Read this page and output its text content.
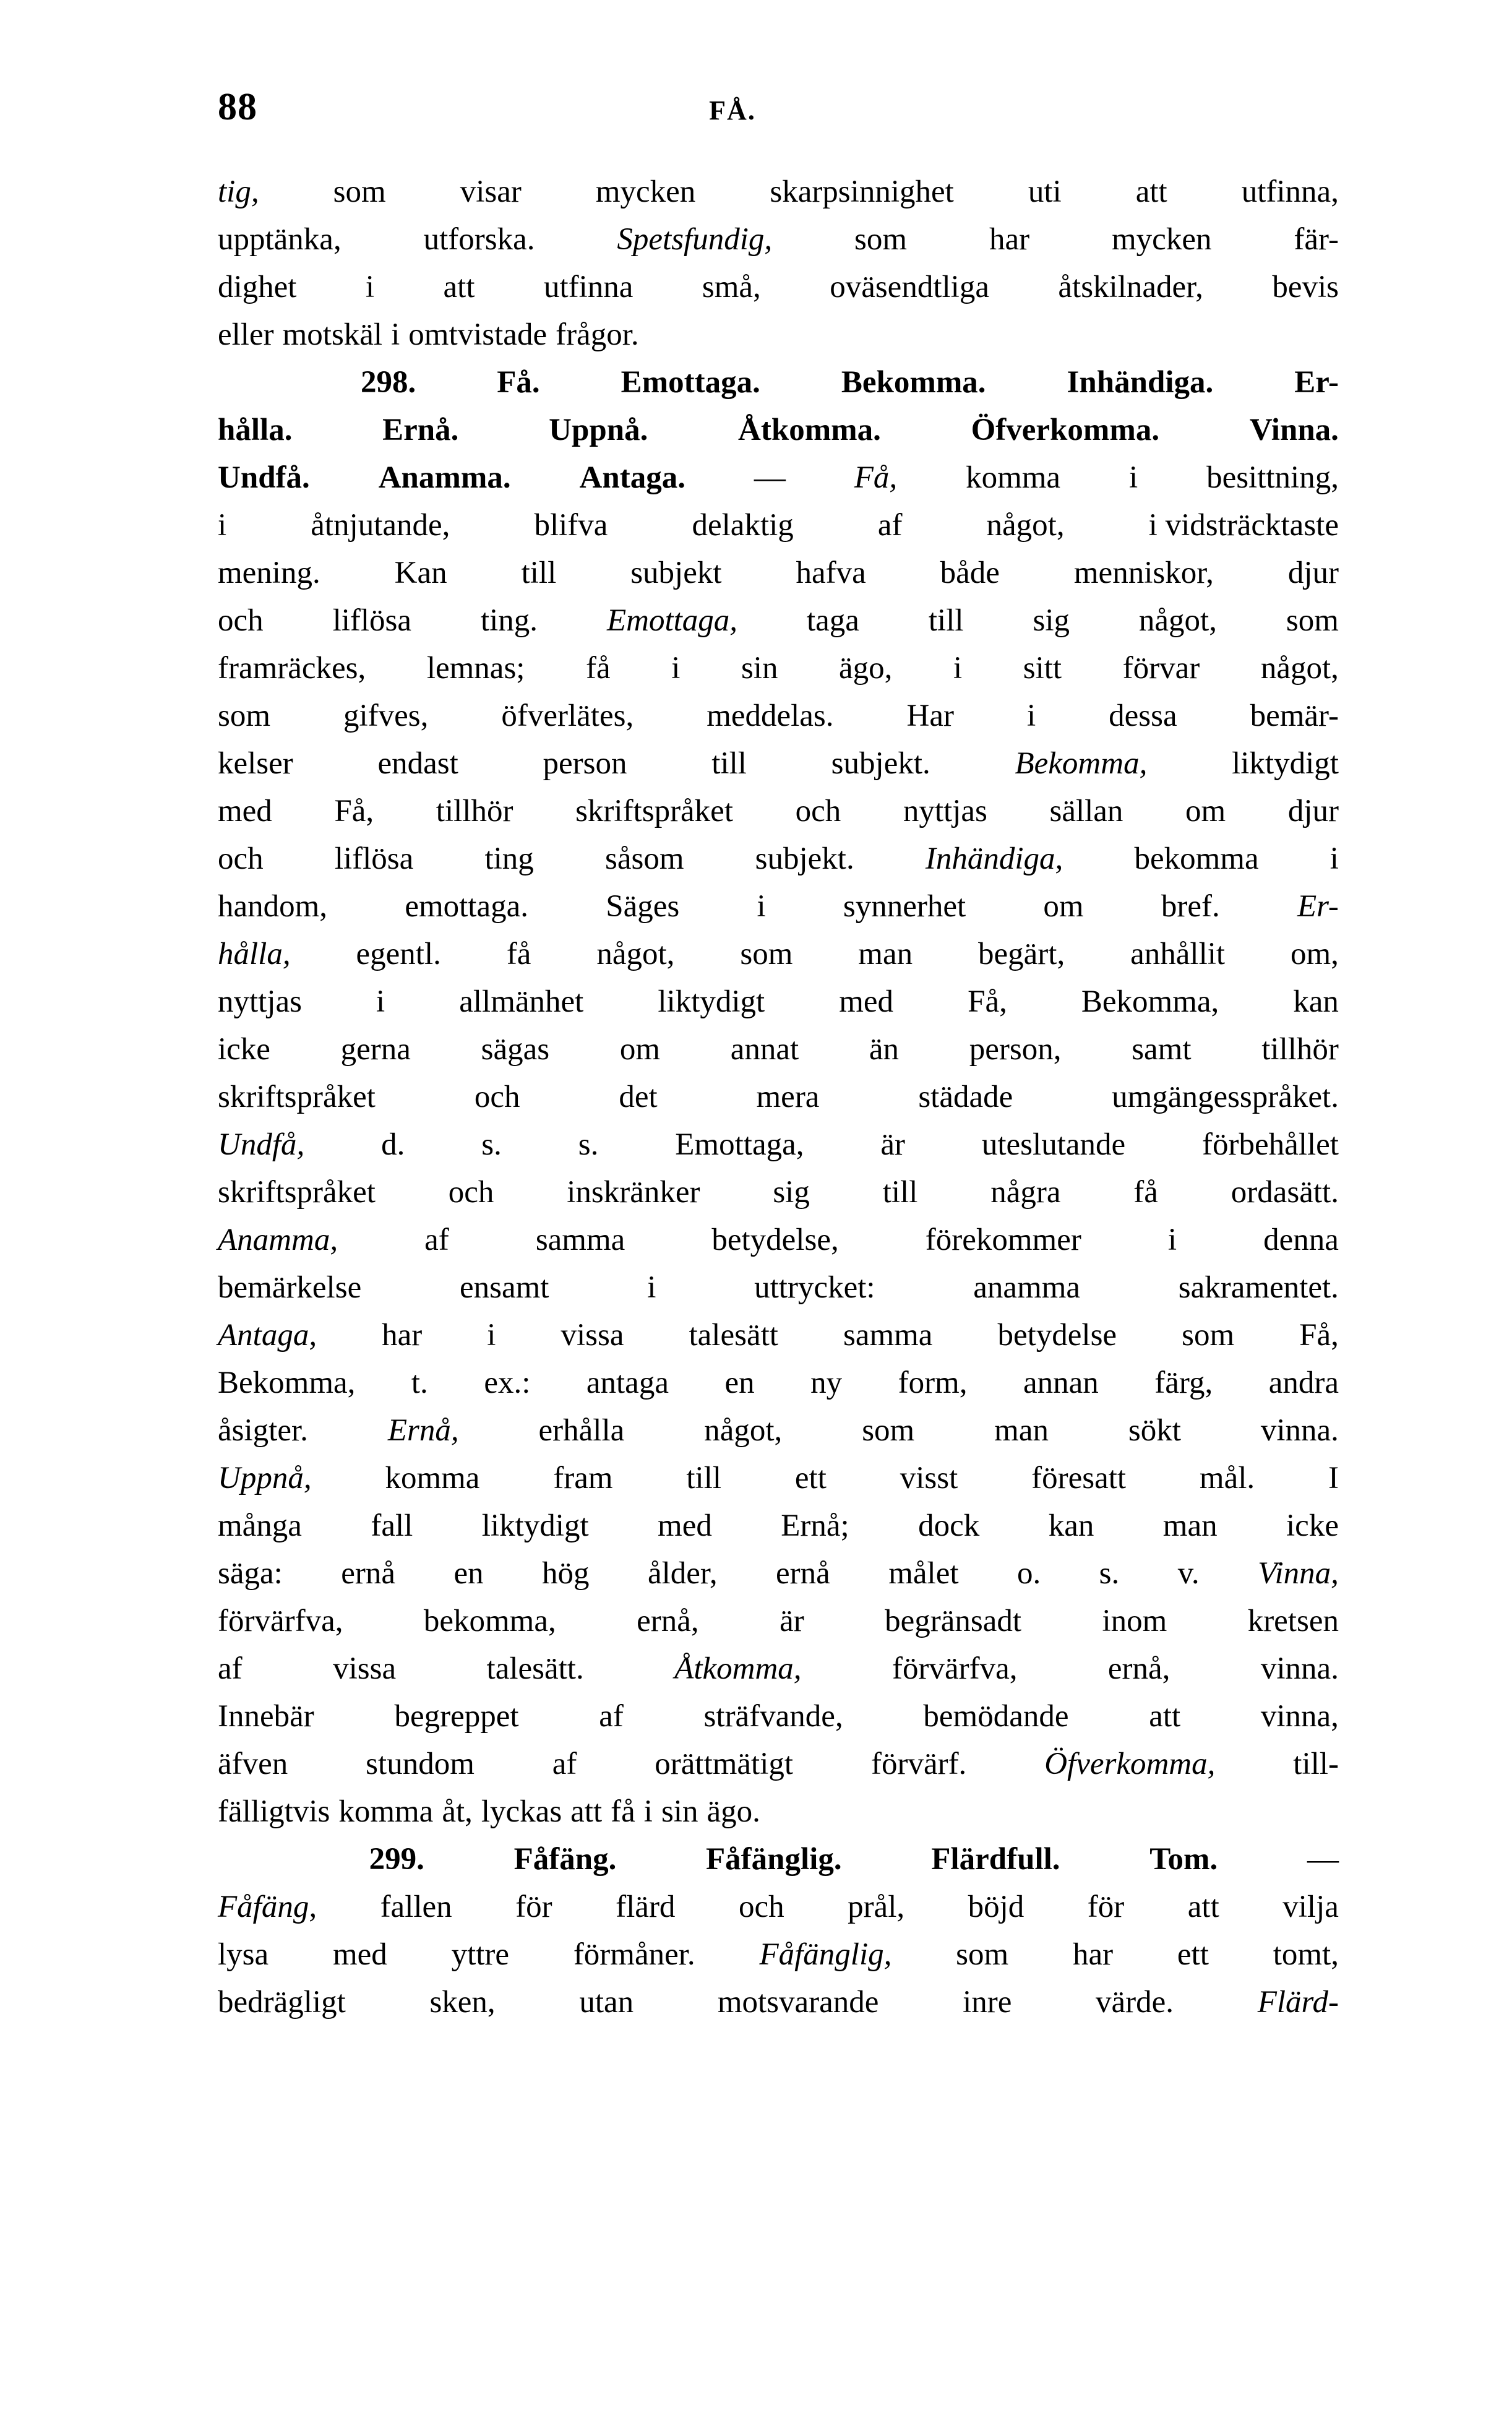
88	FÅ.
tig, som visar mycken skarpsinnighet uti att utfinna,
upptänka,	utforska.	Spetsfundig,	som	har	mycken	fär-
dighet i att utfinna små, oväsendtliga åtskilnader, bevis
eller
motskäl
i
omtvistade
frågor.
298.	Få.	Emottaga.	Bekomma.	Inhändiga.	Er-
hålla.	Ernå.	Uppnå.	Åtkomma.	Öfverkomma.	Vinna.
Undfå. Anamma. Antaga. — Få, komma i besittning,
i	åtnjutande,	blifva	delaktig	af	något,	i vidsträcktaste
mening. Kan till subjekt hafva både menniskor, djur
och liflösa ting. Emottaga, taga till sig något, som
framräckes, lemnas; få i sin ägo, i sitt förvar något,
som gifves, öfverlätes, meddelas. Har i dessa bemär-
kelser	endast	person	till	subjekt.	Bekomma,	liktydigt
med Få, tillhör skriftspråket och nyttjas sällan om djur
och liflösa ting såsom subjekt. Inhändiga, bekomma i
handom, emottaga. Säges i synnerhet om bref. Er-
hålla, egentl. få något, som man begärt, anhållit om,
nyttjas i allmänhet liktydigt med Få, Bekomma, kan
icke gerna sägas om annat än person, samt tillhör
skriftspråket	och	det	mera	städade	umgängesspråket.
Undfå, d. s. s. Emottaga, är uteslutande förbehållet
skriftspråket och inskränker sig till några få ordasätt.
Anamma,	af	samma	betydelse,	förekommer	i	denna
bemärkelse	ensamt	i	uttrycket:	anamma	sakramentet.
Antaga, har i vissa talesätt samma betydelse som Få,
Bekomma, t. ex.: antaga en ny form, annan färg, andra
åsigter.	Ernå,	erhålla	något,	som	man	sökt	vinna.
Uppnå, komma fram till ett visst föresatt mål. I
många fall liktydigt med Ernå; dock kan man icke
säga: ernå en hög ålder, ernå målet o. s. v. Vinna,
förvärfva,	bekomma,	ernå,	är	begränsadt	inom	kretsen
af	vissa	talesätt.	Åtkomma,	förvärfva,	ernå,	vinna.
Innebär	begreppet	af	sträfvande,	bemödande	att	vinna,
äfven stundom af orättmätigt förvärf. Öfverkomma, till-
fälligtvis
komma
åt,
lyckas
att
få
i
sin
ägo.
299.	Fåfäng.	Fåfänglig.	Flärdfull.	Tom.	—
Fåfäng, fallen för flärd och prål, böjd för att vilja
lysa med yttre förmåner. Fåfänglig, som har ett tomt,
bedrägligt	sken,	utan	motsvarande	inre	värde.	Flärd-
